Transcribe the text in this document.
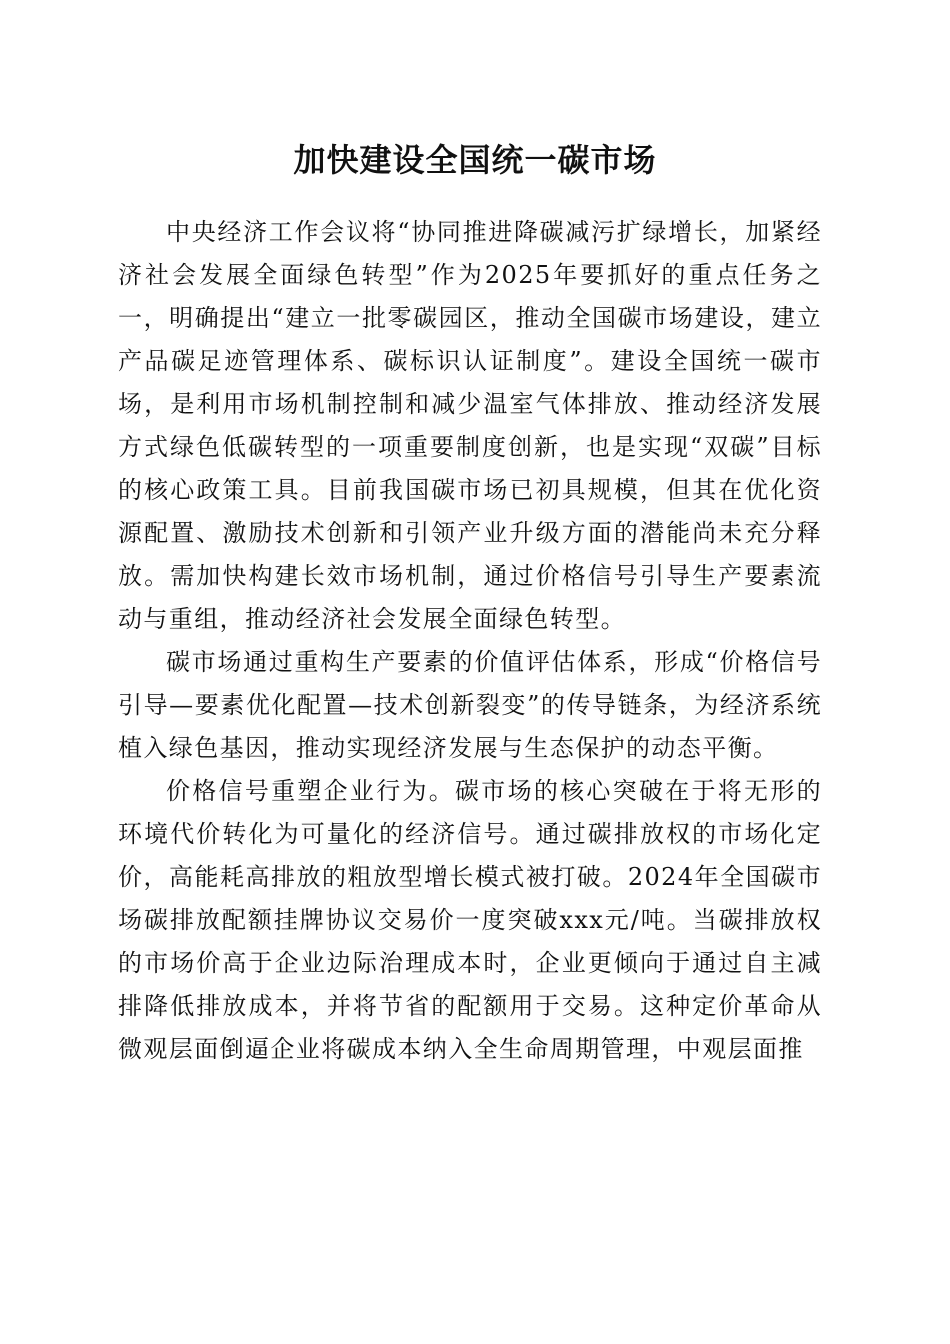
加快建设全国统一碳市场

中央经济工作会议将“协同推进降碳减污扩绿增长，加紧经济社会发展全面绿色转型”作为2025年要抓好的重点任务之一，明确提出“建立一批零碳园区，推动全国碳市场建设，建立产品碳足迹管理体系、碳标识认证制度”。建设全国统一碳市场，是利用市场机制控制和减少温室气体排放、推动经济发展方式绿色低碳转型的一项重要制度创新，也是实现“双碳”目标的核心政策工具。目前我国碳市场已初具规模，但其在优化资源配置、激励技术创新和引领产业升级方面的潜能尚未充分释放。需加快构建长效市场机制，通过价格信号引导生产要素流动与重组，推动经济社会发展全面绿色转型。

碳市场通过重构生产要素的价值评估体系，形成“价格信号引导—要素优化配置—技术创新裂变”的传导链条，为经济系统植入绿色基因，推动实现经济发展与生态保护的动态平衡。

价格信号重塑企业行为。碳市场的核心突破在于将无形的环境代价转化为可量化的经济信号。通过碳排放权的市场化定价，高能耗高排放的粗放型增长模式被打破。2024年全国碳市场碳排放配额挂牌协议交易价一度突破xxx元/吨。当碳排放权的市场价高于企业边际治理成本时，企业更倾向于通过自主减排降低排放成本，并将节省的配额用于交易。这种定价革命从微观层面倒逼企业将碳成本纳入全生命周期管理，中观层面推
